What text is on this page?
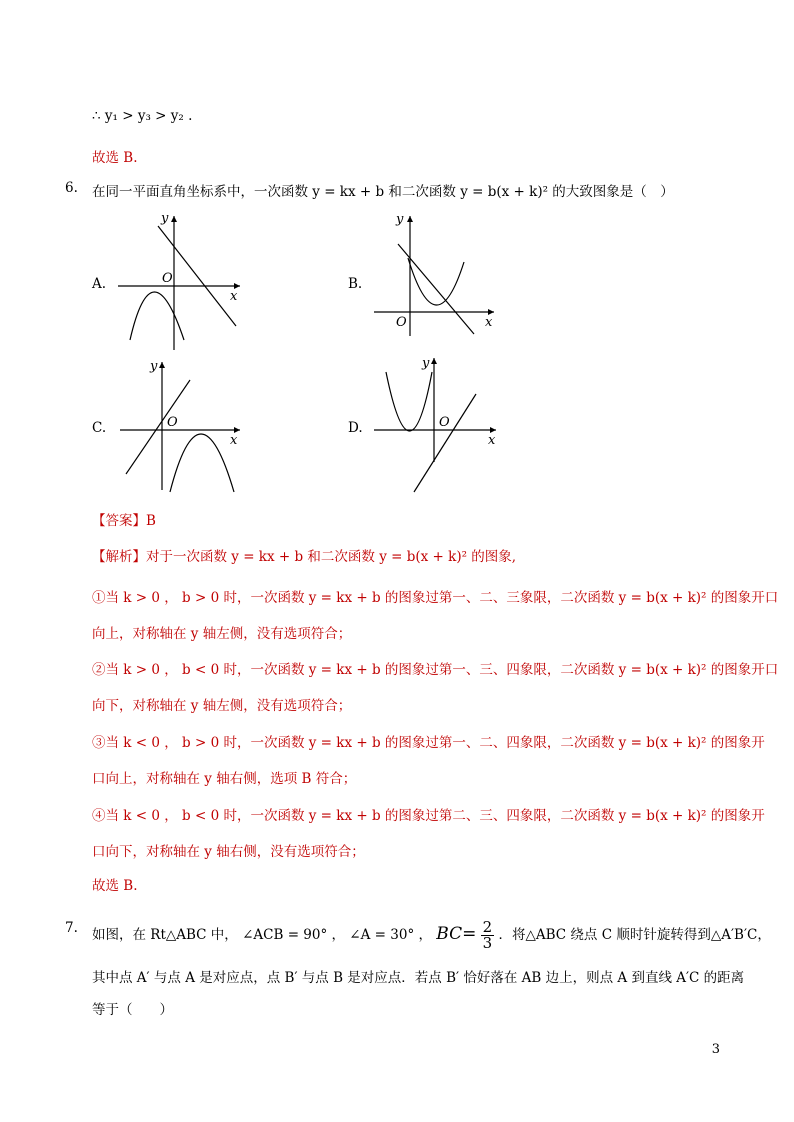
∴ y₁ > y₃ > y₂ .
故选 B.
6. 在同一平面直角坐标系中，一次函数 y = kx + b 和二次函数 y = b(x + k)² 的大致图象是（　）
A.
y
x
O	B.
y
x
O
C.
y
x
O	D.
y
x
O
【答案】B
【解析】对于一次函数 y = kx + b 和二次函数 y = b(x + k)² 的图象,
①当 k > 0 ， b > 0 时，一次函数 y = kx + b 的图象过第一、二、三象限，二次函数 y = b(x + k)² 的图象开口
向上，对称轴在 y 轴左侧，没有选项符合；
②当 k > 0 ， b < 0 时，一次函数 y = kx + b 的图象过第一、三、四象限，二次函数 y = b(x + k)² 的图象开口
向下，对称轴在 y 轴左侧，没有选项符合；
③当 k < 0 ， b > 0 时，一次函数 y = kx + b 的图象过第一、二、四象限，二次函数 y = b(x + k)² 的图象开
口向上，对称轴在 y 轴右侧，选项 B 符合；
④当 k < 0 ， b < 0 时，一次函数 y = kx + b 的图象过第二、三、四象限，二次函数 y = b(x + k)² 的图象开
口向下，对称轴在 y 轴右侧，没有选项符合；
故选 B.
7. 如图，在 Rt△ABC 中， ∠ACB = 90° ， ∠A = 30° ， $BC= \frac{2}{3}$ ．将△ABC 绕点 C 顺时针旋转得到△A′B′C，
其中点 A′ 与点 A 是对应点，点 B′ 与点 B 是对应点．若点 B′ 恰好落在 AB 边上，则点 A 到直线 A′C 的距离
等于（　　）
3
